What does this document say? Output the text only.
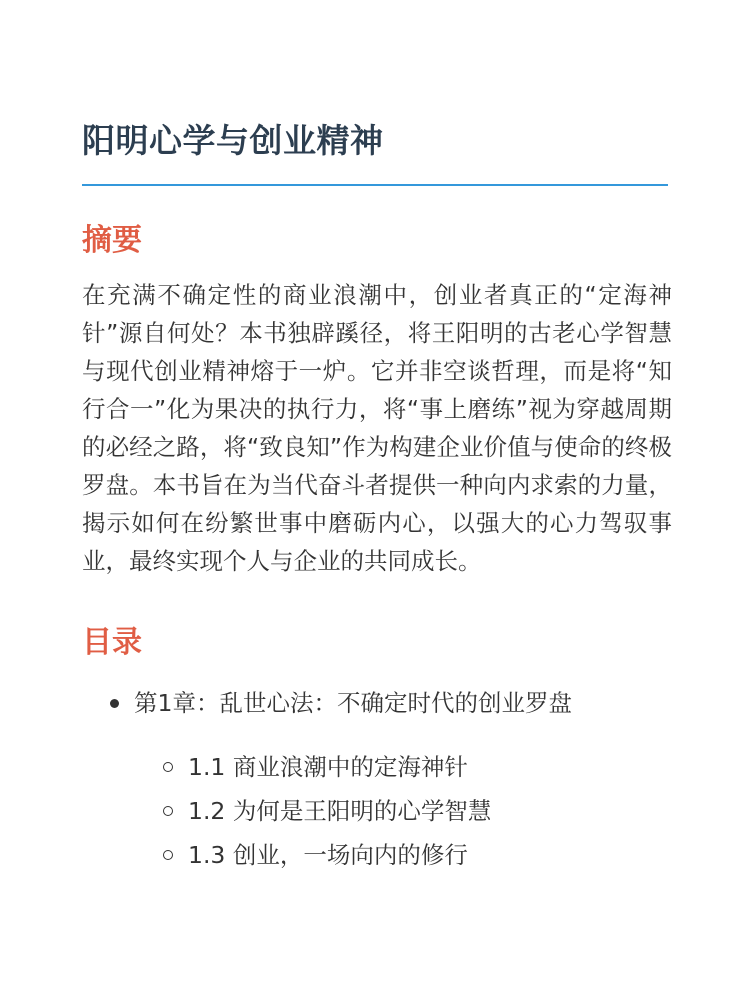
阳明心学与创业精神
摘要

在充满不确定性的商业浪潮中，创业者真正的“定海神针”源自何处？本书独辟蹊径，将王阳明的古老心学智慧与现代创业精神熔于一炉。它并非空谈哲理，而是将“知行合一”化为果决的执行力，将“事上磨练”视为穿越周期的必经之路，将“致良知”作为构建企业价值与使命的终极罗盘。本书旨在为当代奋斗者提供一种向内求索的力量，揭示如何在纷繁世事中磨砺内心，以强大的心力驾驭事业，最终实现个人与企业的共同成长。

目录
第1章：乱世心法：不确定时代的创业罗盘
1.1 商业浪潮中的定海神针
1.2 为何是王阳明的心学智慧
1.3 创业，一场向内的修行
